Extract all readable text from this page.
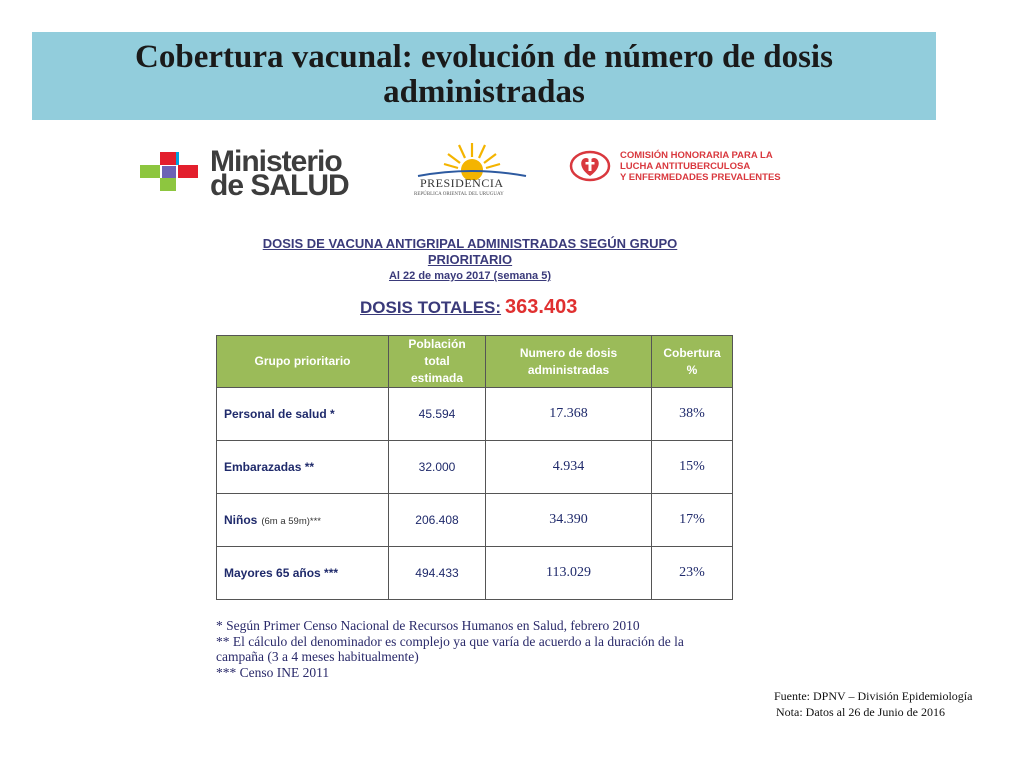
Cobertura vacunal: evolución de número de dosis
administradas
Ministerio
de SALUD	PRESIDENCIA
REPÚBLICA ORIENTAL DEL URUGUAY
COMISIÓN HONORARIA PARA LA
LUCHA ANTITUBERCULOSA
Y ENFERMEDADES PREVALENTES
DOSIS DE VACUNA ANTIGRIPAL ADMINISTRADAS SEGÚN GRUPO
PRIORITARIO
Al 22 de mayo 2017 (semana 5)
DOSIS TOTALES: 363.403
Grupo prioritario	Población total estimada	Numero de dosis administradas	Cobertura %

Personal de salud *	45.594	17.368	38%
Embarazadas **	32.000	4.934	15%
Niños (6m a 59m)***	206.408	34.390	17%
Mayores 65 años ***	494.433	113.029	23%
* Según Primer Censo Nacional de Recursos Humanos en Salud, febrero 2010
** El cálculo del denominador es complejo ya que varía de acuerdo a la duración de la
campaña (3 a 4 meses habitualmente)
*** Censo INE 2011
Fuente: DPNV – División Epidemiología
Nota: Datos al 26 de Junio de 2016
